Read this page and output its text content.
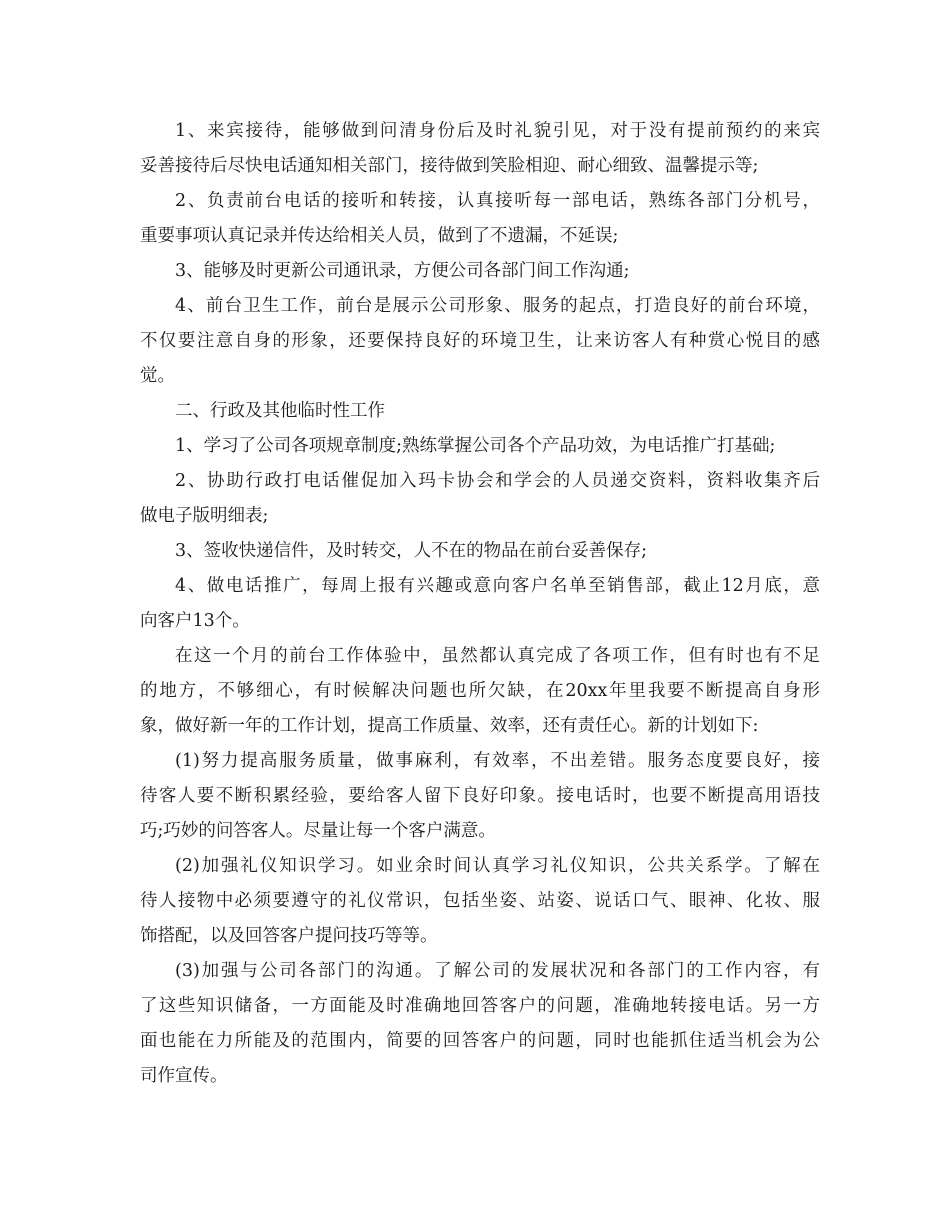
1、来宾接待，能够做到问清身份后及时礼貌引见，对于没有提前预约的来宾
妥善接待后尽快电话通知相关部门，接待做到笑脸相迎、耐心细致、温馨提示等;
2、负责前台电话的接听和转接，认真接听每一部电话，熟练各部门分机号，
重要事项认真记录并传达给相关人员，做到了不遗漏，不延误;
3、能够及时更新公司通讯录，方便公司各部门间工作沟通;
4、前台卫生工作，前台是展示公司形象、服务的起点，打造良好的前台环境，
不仅要注意自身的形象，还要保持良好的环境卫生，让来访客人有种赏心悦目的感
觉。
二、行政及其他临时性工作
1、学习了公司各项规章制度;熟练掌握公司各个产品功效，为电话推广打基础;
2、协助行政打电话催促加入玛卡协会和学会的人员递交资料，资料收集齐后
做电子版明细表;
3、签收快递信件，及时转交，人不在的物品在前台妥善保存;
4、做电话推广，每周上报有兴趣或意向客户名单至销售部，截止12月底，意
向客户13个。
在这一个月的前台工作体验中，虽然都认真完成了各项工作，但有时也有不足
的地方，不够细心，有时候解决问题也所欠缺，在20xx年里我要不断提高自身形
象，做好新一年的工作计划，提高工作质量、效率，还有责任心。新的计划如下:
(1)努力提高服务质量，做事麻利，有效率，不出差错。服务态度要良好，接
待客人要不断积累经验，要给客人留下良好印象。接电话时，也要不断提高用语技
巧;巧妙的问答客人。尽量让每一个客户满意。
(2)加强礼仪知识学习。如业余时间认真学习礼仪知识，公共关系学。了解在
待人接物中必须要遵守的礼仪常识，包括坐姿、站姿、说话口气、眼神、化妆、服
饰搭配，以及回答客户提问技巧等等。
(3)加强与公司各部门的沟通。了解公司的发展状况和各部门的工作内容，有
了这些知识储备，一方面能及时准确地回答客户的问题，准确地转接电话。另一方
面也能在力所能及的范围内，简要的回答客户的问题，同时也能抓住适当机会为公
司作宣传。
